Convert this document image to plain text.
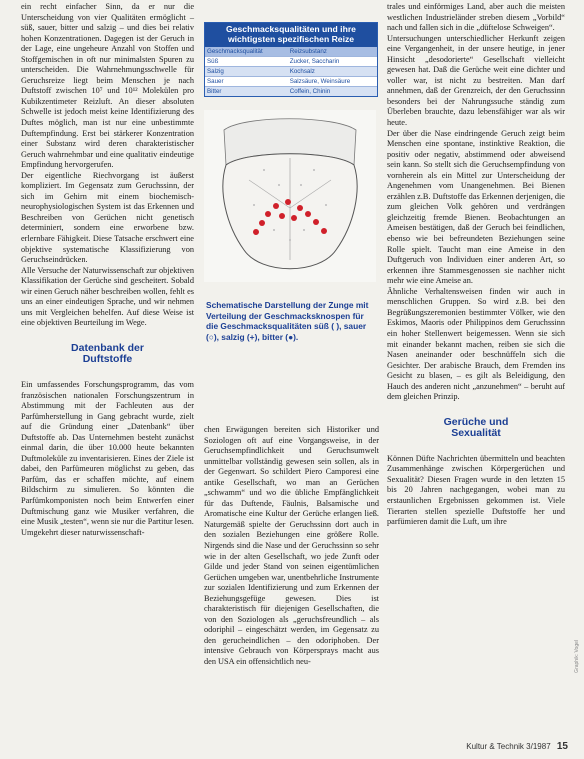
ein recht einfacher Sinn, da er nur die Unterscheidung von vier Qualitäten ermöglicht – süß, sauer, bitter und salzig – und dies bei relativ hohen Konzentrationen. Dagegen ist der Geruch in der Lage, eine ungeheure Anzahl von Stoffen und Stoffgemischen in oft nur minimalsten Spuren zu unterscheiden. Die Wahrnehmungsschwelle für Geruchsreize liegt beim Menschen je nach Duftstoff zwischen 10⁷ und 10¹² Molekülen pro Kubikzentimeter Reizluft. An dieser absoluten Schwelle ist jedoch meist keine Identifizierung des Duftes möglich, man ist nur eine unbestimmte Duftempfindung. Erst bei stärkerer Konzentration einer Substanz wird deren charakteristischer Geruch wahrnehmbar und eine qualitativ eindeutige Empfindung hervorgerufen.

Der eigentliche Riechvorgang ist äußerst kompliziert. Im Gegensatz zum Geruchssinn, der sich im Gehirn mit einem biochemisch-neurophysiologischen System ist das Erkennen und Beschreiben von Gerüchen nicht genetisch determiniert, sondern eine erworbene bzw. erlernbare Fähigkeit. Diese Tatsache erschwert eine objektive systematische Klassifizierung von Geruchseindrücken.

Alle Versuche der Naturwissenschaft zur objektiven Klassifikation der Gerüche sind gescheitert. Sobald wir einen Geruch näher beschreiben wollen, fehlt es uns an einer eindeutigen Sprache, und wir nehmen uns mit Vergleichen behelfen. Auf diese Weise ist eine objektiven Beurteilung im Wege.

Datenbank der
Duftstoffe

Ein umfassendes Forschungsprogramm, das vom französischen nationalen Forschungszentrum in Abstimmung mit der Fachleuten aus der Parfümherstellung in Gang gebracht wurde, zielt auf die Gründung einer „Datenbank“ über Duftstoffe ab. Das Unternehmen besteht zunächst einmal darin, die über 10.000 heute bekannten Duftmoleküle zu inventarisieren. Eines der Ziele ist dabei, den Parfümeuren möglichst zu geben, das Parfüm, das er schaffen möchte, auf einem Bildschirm zu simulieren. So könnten die Parfümkomponisten noch beim Entwerfen einer Duftmischung ganz wie Musiker verfahren, die eine Musik „testen“, wenn sie nur die Partitur lesen.

Umgekehrt dieser naturwissenschaft-

Geschmacksqualitäten und ihre
wichtigsten spezifischen Reize
Geschmacksqualität	Reizsubstanz
Süß	Zucker, Saccharin
Salzig	Kochsalz
Sauer	Salzsäure, Weinsäure
Bitter	Coffein, Chinin
Schematische Darstellung der Zunge mit Verteilung der Geschmacksknospen für die Geschmacksqualitäten süß ( ), sauer (○), salzig (+), bitter (●).

chen Erwägungen bereiten sich Historiker und Soziologen oft auf eine Vorgangsweise, in der Geruchsempfindlichkeit und Geruchsumwelt unmittelbar vollständig gewesen sein sollen, als in der Gegenwart. So schildert Piero Camporesi eine antike Gesellschaft, wo man an Gerüchen „schwamm“ und wo die übliche Empfänglichkeit für das Duftende, Fäulnis, Balsamische und Aromatische eine Kultur der Gerüche erlangen ließ. Naturgemäß spielte der Geruchssinn dort auch in den sozialen Beziehungen eine größere Rolle. Nirgends sind die Nase und der Geruchssinn so sehr wie in der alten Gesellschaft, wo jede Zunft oder Gilde und jeder Stand von seinen eigentümlichen Gerüchen umgeben war, unentbehrliche Instrumente zur sozialen Identifizierung und zum Erkennen der Beziehungsgefüge gewesen. Dies ist charakteristisch für diejenigen Gesellschaften, die von den Soziologen als „geruchsfreundlich – als odoriphil – eingeschätzt werden, im Gegensatz zu den gerucheindlichen – den odoriphoben. Der intensive Gebrauch von Körpersprays macht aus den USA ein offensichtlich neu-

trales und einförmiges Land, aber auch die meisten westlichen Industrieländer streben diesem „Vorbild“ nach und fallen sich in die „düftelose Schweigen“.

Untersuchungen unterschiedlicher Herkunft zeigen eine Vergangenheit, in der unsere heutige, in jener Hinsicht „desodorierte“ Gesellschaft vielleicht gewesen hat. Daß die Gerüche weit eine dichter und voller war, ist nicht zu bestreiten. Man darf annehmen, daß der Grenzreich, der den Geruchssinn besonders bei der Nahrungssuche ständig zum Überleben brauchte, dazu lebensfähiger war als wir heute.

Der über die Nase eindringende Geruch zeigt beim Menschen eine spontane, instinktive Reaktion, die positiv oder negativ, abstimmend oder abweisend sein kann. So stellt sich die Geruchsempfindung von vornherein als ein Mittel zur Unterscheidung der Angenehmen vom Unangenehmen. Bei Bienen erzählen z.B. Duftstoffe das Erkennen derjenigen, die zum gleichen Volk gehören und verdrängen gleichzeitig fremde Bienen. Beobachtungen an Ameisen bestätigen, daß der Geruch bei feindlichen, ebenso wie bei befreundeten Beziehungen seine Rolle spielt. Taucht man eine Ameise in den Duftgeruch von Individuen einer anderen Art, so erkennen ihre Stammesgenossen sie nachher nicht mehr wie eine Ameise an.

Ähnliche Verhaltensweisen finden wir auch in menschlichen Gruppen. So wird z.B. bei den Begrüßungszeremonien bestimmter Völker, wie den Eskimos, Maoris oder Philippinos dem Geruchssinn ein hoher Stellenwert beigemessen. Wenn sie sich mit einander bekannt machen, reiben sie sich die Nasen aneinander oder beschnüffeln sich die Gesichter. Der arabische Brauch, dem Fremden ins Gesicht zu blasen, – es gilt als Beleidigung, den Hauch des anderen nicht „anzunehmen“ – beruht auf dem gleichen Prinzip.

Gerüche und
Sexualität

Können Düfte Nachrichten übermitteln und beachten Zusammenhänge zwischen Körpergerüchen und Sexualität? Diesen Fragen wurde in den letzten 15 bis 20 Jahren nachgegangen, wobei man zu erstaunlichen Ergebnissen gekommen ist. Viele Tierarten stellen spezielle Duftstoffe her und parfümieren damit die Luft, um ihre

Graphik: Vogel
Kultur & Technik 3/1987 15
